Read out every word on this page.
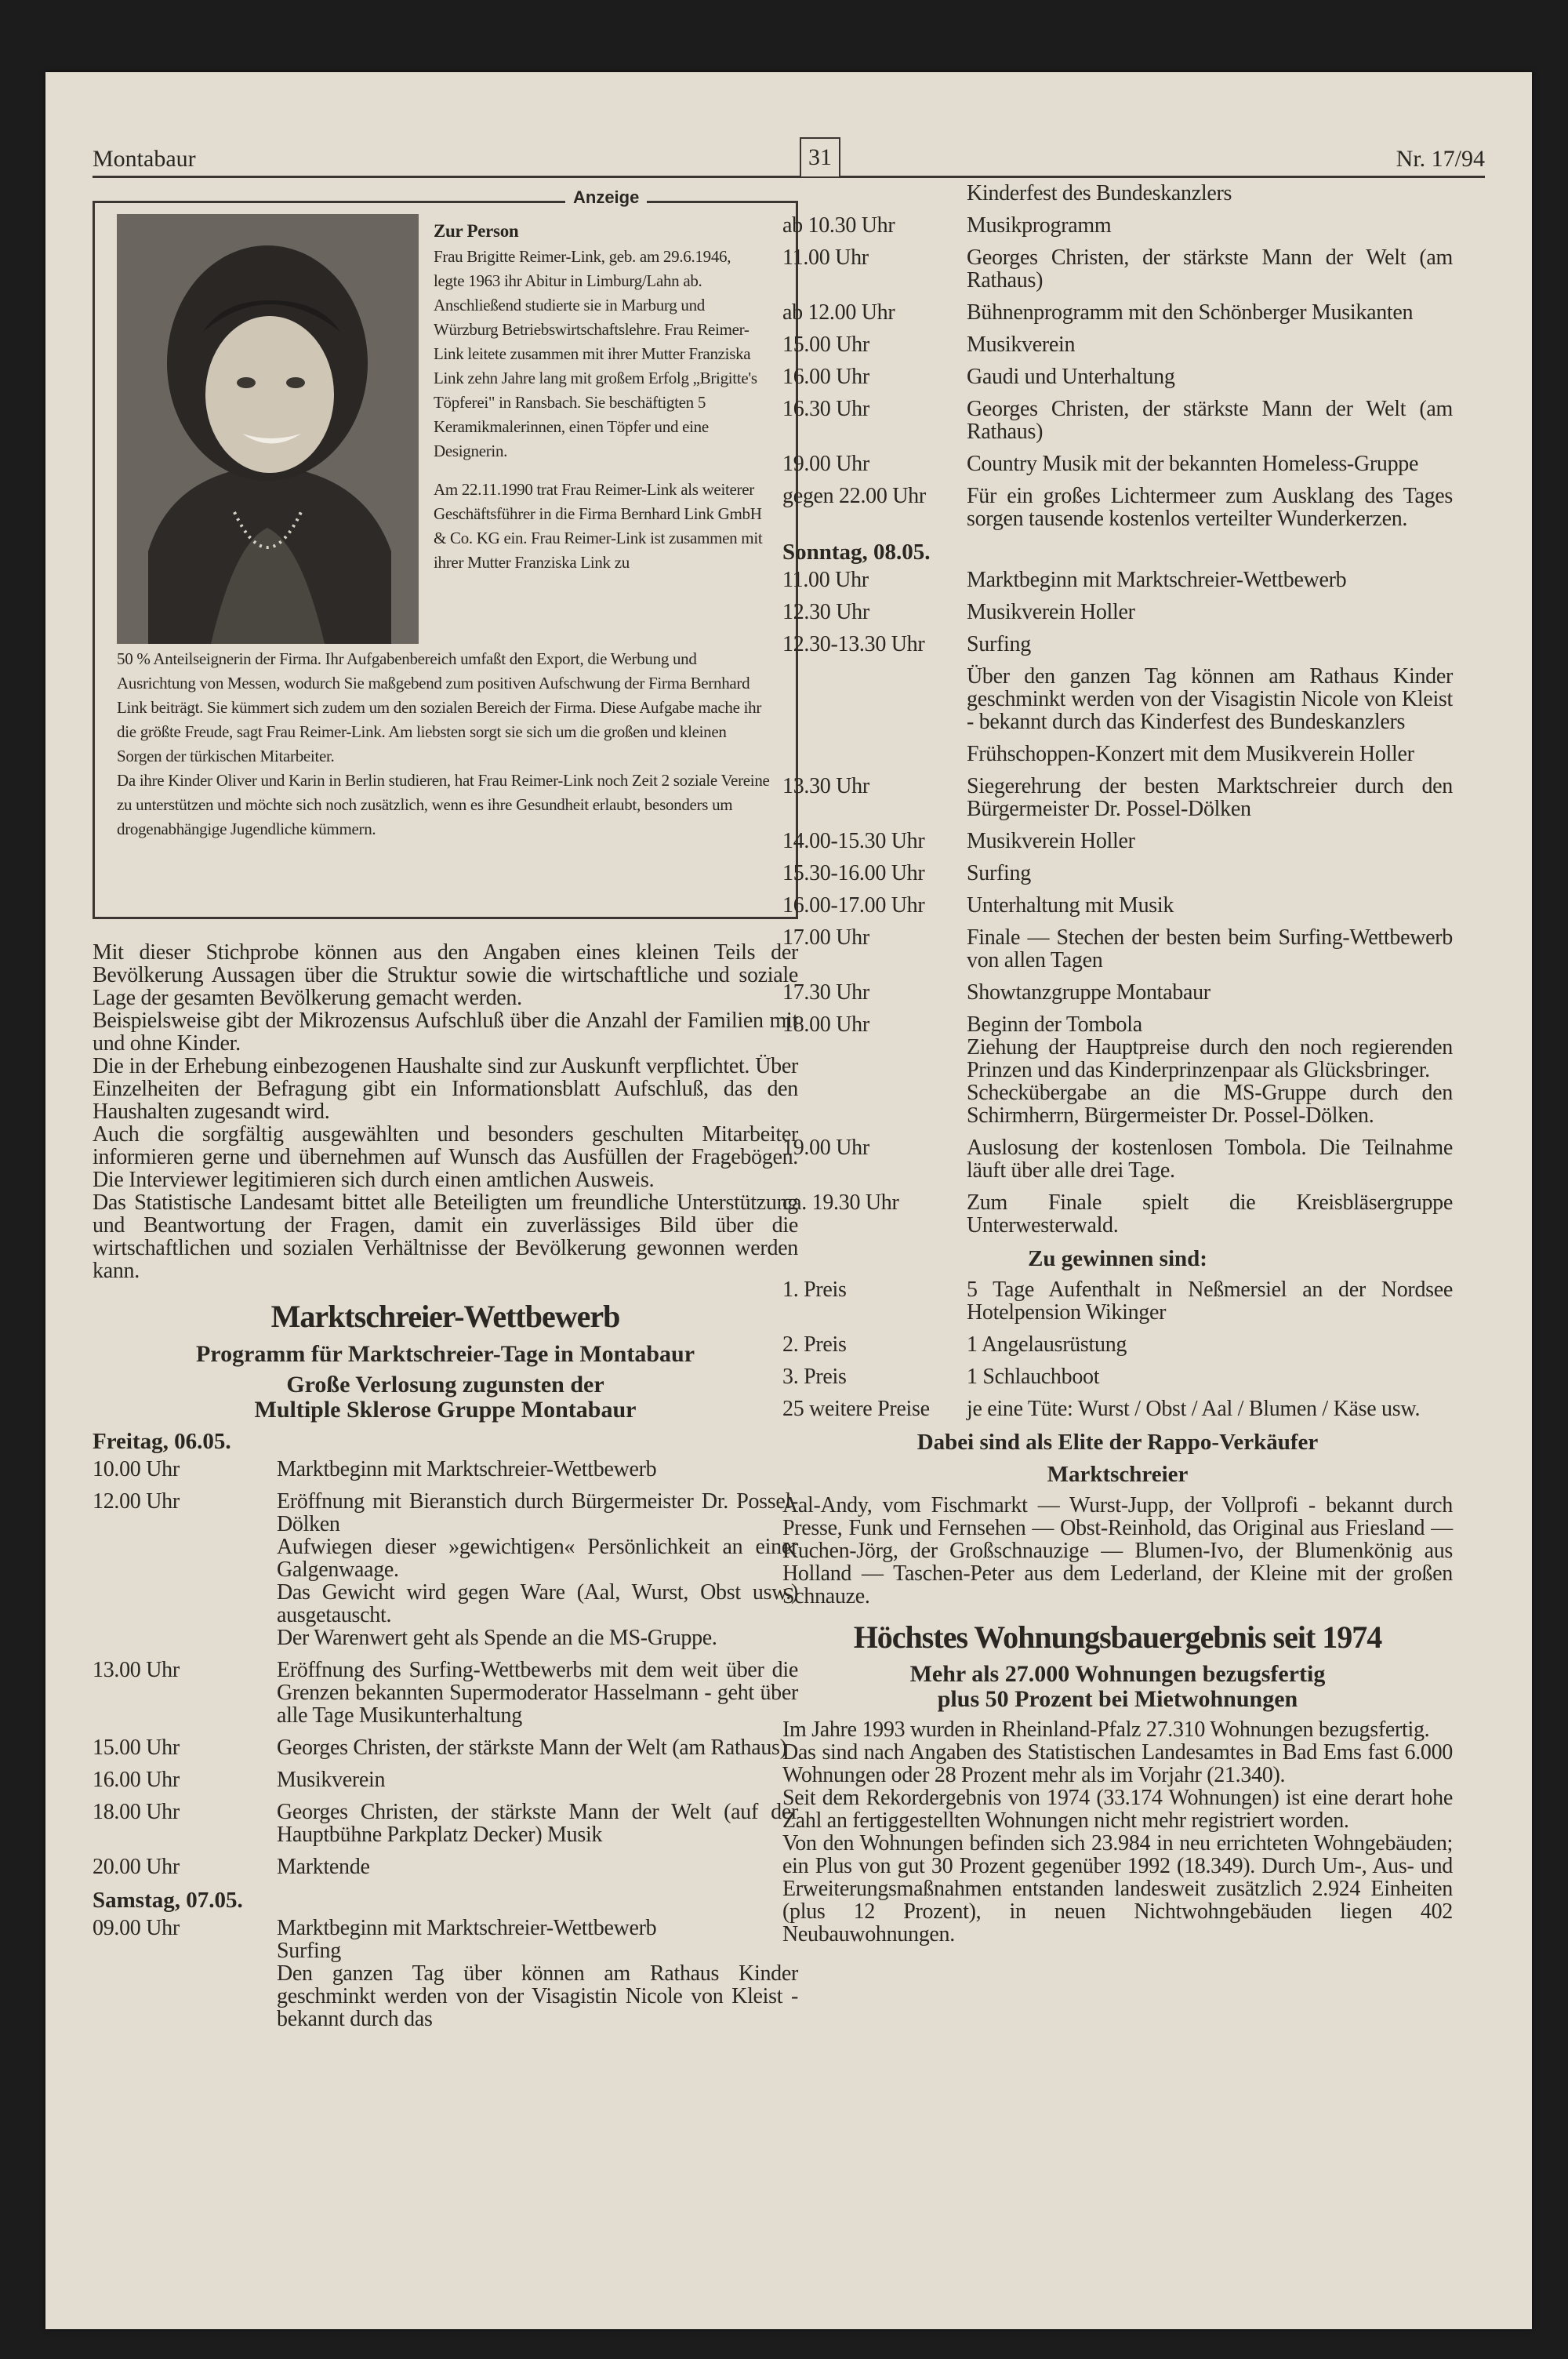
Montabaur	31	Nr. 17/94
Anzeige
Zur Person

Frau Brigitte Reimer-Link, geb. am 29.6.1946, legte 1963 ihr Abitur in Limburg/Lahn ab. Anschließend studierte sie in Marburg und Würzburg Betriebswirtschaftslehre. Frau Reimer-Link leitete zusammen mit ihrer Mutter Franziska Link zehn Jahre lang mit großem Erfolg „Brigitte's Töpferei" in Ransbach. Sie beschäftigten 5 Keramikmalerinnen, einen Töpfer und eine Designerin.

Am 22.11.1990 trat Frau Reimer-Link als weiterer Geschäftsführer in die Firma Bernhard Link GmbH & Co. KG ein. Frau Reimer-Link ist zusammen mit ihrer Mutter Franziska Link zu

50 % Anteilseignerin der Firma. Ihr Aufgabenbereich umfaßt den Export, die Werbung und Ausrichtung von Messen, wodurch Sie maßgebend zum positiven Aufschwung der Firma Bernhard Link beiträgt. Sie kümmert sich zudem um den sozialen Bereich der Firma. Diese Aufgabe mache ihr die größte Freude, sagt Frau Reimer-Link. Am liebsten sorgt sie sich um die großen und kleinen Sorgen der türkischen Mitarbeiter.

Da ihre Kinder Oliver und Karin in Berlin studieren, hat Frau Reimer-Link noch Zeit 2 soziale Vereine zu unterstützen und möchte sich noch zusätzlich, wenn es ihre Gesundheit erlaubt, besonders um drogenabhängige Jugendliche kümmern.

Mit dieser Stichprobe können aus den Angaben eines kleinen Teils der Bevölkerung Aussagen über die Struktur sowie die wirtschaftliche und soziale Lage der gesamten Bevölkerung gemacht werden.

Beispielsweise gibt der Mikrozensus Aufschluß über die Anzahl der Familien mit und ohne Kinder.

Die in der Erhebung einbezogenen Haushalte sind zur Auskunft verpflichtet. Über Einzelheiten der Befragung gibt ein Informationsblatt Aufschluß, das den Haushalten zugesandt wird.

Auch die sorgfältig ausgewählten und besonders geschulten Mitarbeiter informieren gerne und übernehmen auf Wunsch das Ausfüllen der Fragebögen. Die Interviewer legitimieren sich durch einen amtlichen Ausweis.

Das Statistische Landesamt bittet alle Beteiligten um freundliche Unterstützung und Beantwortung der Fragen, damit ein zuverlässiges Bild über die wirtschaftlichen und sozialen Verhältnisse der Bevölkerung gewonnen werden kann.

Marktschreier-Wettbewerb
Programm für Marktschreier-Tage in Montabaur
Große Verlosung zugunsten der
Multiple Sklerose Gruppe Montabaur
Freitag, 06.05.
10.00 Uhr	Marktbeginn mit Marktschreier-Wettbewerb
12.00 Uhr	Eröffnung mit Bieranstich durch Bürgermeister Dr. Possel-Dölken
Aufwiegen dieser »gewichtigen« Persönlichkeit an einer Galgenwaage.
Das Gewicht wird gegen Ware (Aal, Wurst, Obst usw.) ausgetauscht.
Der Warenwert geht als Spende an die MS-Gruppe.
13.00 Uhr	Eröffnung des Surfing-Wettbewerbs mit dem weit über die Grenzen bekannten Supermoderator Hasselmann - geht über alle Tage Musikunterhaltung
15.00 Uhr	Georges Christen, der stärkste Mann der Welt (am Rathaus)
16.00 Uhr	Musikverein
18.00 Uhr	Georges Christen, der stärkste Mann der Welt (auf der Hauptbühne Parkplatz Decker) Musik
20.00 Uhr	Marktende
Samstag, 07.05.
09.00 Uhr	Marktbeginn mit Marktschreier-Wettbewerb
Surfing
Den ganzen Tag über können am Rathaus Kinder geschminkt werden von der Visagistin Nicole von Kleist - bekannt durch das
Kinderfest des Bundeskanzlers
ab 10.30 Uhr	Musikprogramm
11.00 Uhr	Georges Christen, der stärkste Mann der Welt (am Rathaus)
ab 12.00 Uhr	Bühnenprogramm mit den Schönberger Musikanten
15.00 Uhr	Musikverein
16.00 Uhr	Gaudi und Unterhaltung
16.30 Uhr	Georges Christen, der stärkste Mann der Welt (am Rathaus)
19.00 Uhr	Country Musik mit der bekannten Homeless-Gruppe
gegen 22.00 Uhr	Für ein großes Lichtermeer zum Ausklang des Tages sorgen tausende kostenlos verteilter Wunderkerzen.
Sonntag, 08.05.
11.00 Uhr	Marktbeginn mit Marktschreier-Wettbewerb
12.30 Uhr	Musikverein Holler
12.30-13.30 Uhr	Surfing
Über den ganzen Tag können am Rathaus Kinder geschminkt werden von der Visagistin Nicole von Kleist - bekannt durch das Kinderfest des Bundeskanzlers
Frühschoppen-Konzert mit dem Musikverein Holler
13.30 Uhr	Siegerehrung der besten Marktschreier durch den Bürgermeister Dr. Possel-Dölken
14.00-15.30 Uhr	Musikverein Holler
15.30-16.00 Uhr	Surfing
16.00-17.00 Uhr	Unterhaltung mit Musik
17.00 Uhr	Finale — Stechen der besten beim Surfing-Wettbewerb von allen Tagen
17.30 Uhr	Showtanzgruppe Montabaur
18.00 Uhr	Beginn der Tombola
Ziehung der Hauptpreise durch den noch regierenden Prinzen und das Kinderprinzenpaar als Glücksbringer.
Scheckübergabe an die MS-Gruppe durch den Schirmherrn, Bürgermeister Dr. Possel-Dölken.
19.00 Uhr	Auslosung der kostenlosen Tombola. Die Teilnahme läuft über alle drei Tage.
ca. 19.30 Uhr	Zum Finale spielt die Kreisbläsergruppe Unterwesterwald.
Zu gewinnen sind:
1. Preis	5 Tage Aufenthalt in Neßmersiel an der Nordsee Hotelpension Wikinger
2. Preis	1 Angelausrüstung
3. Preis	1 Schlauchboot
25 weitere Preise	je eine Tüte: Wurst / Obst / Aal / Blumen / Käse usw.
Dabei sind als Elite der Rappo-Verkäufer
Marktschreier

Aal-Andy, vom Fischmarkt — Wurst-Jupp, der Vollprofi - bekannt durch Presse, Funk und Fernsehen — Obst-Reinhold, das Original aus Friesland — Kuchen-Jörg, der Großschnauzige — Blumen-Ivo, der Blumenkönig aus Holland — Taschen-Peter aus dem Lederland, der Kleine mit der großen Schnauze.

Höchstes Wohnungsbauergebnis seit 1974
Mehr als 27.000 Wohnungen bezugsfertig
plus 50 Prozent bei Mietwohnungen

Im Jahre 1993 wurden in Rheinland-Pfalz 27.310 Wohnungen bezugsfertig.

Das sind nach Angaben des Statistischen Landesamtes in Bad Ems fast 6.000 Wohnungen oder 28 Prozent mehr als im Vorjahr (21.340).

Seit dem Rekordergebnis von 1974 (33.174 Wohnungen) ist eine derart hohe Zahl an fertiggestellten Wohnungen nicht mehr registriert worden.

Von den Wohnungen befinden sich 23.984 in neu errichteten Wohngebäuden; ein Plus von gut 30 Prozent gegenüber 1992 (18.349). Durch Um-, Aus- und Erweiterungsmaßnahmen entstanden landesweit zusätzlich 2.924 Einheiten (plus 12 Prozent), in neuen Nichtwohngebäuden liegen 402 Neubauwohnungen.
